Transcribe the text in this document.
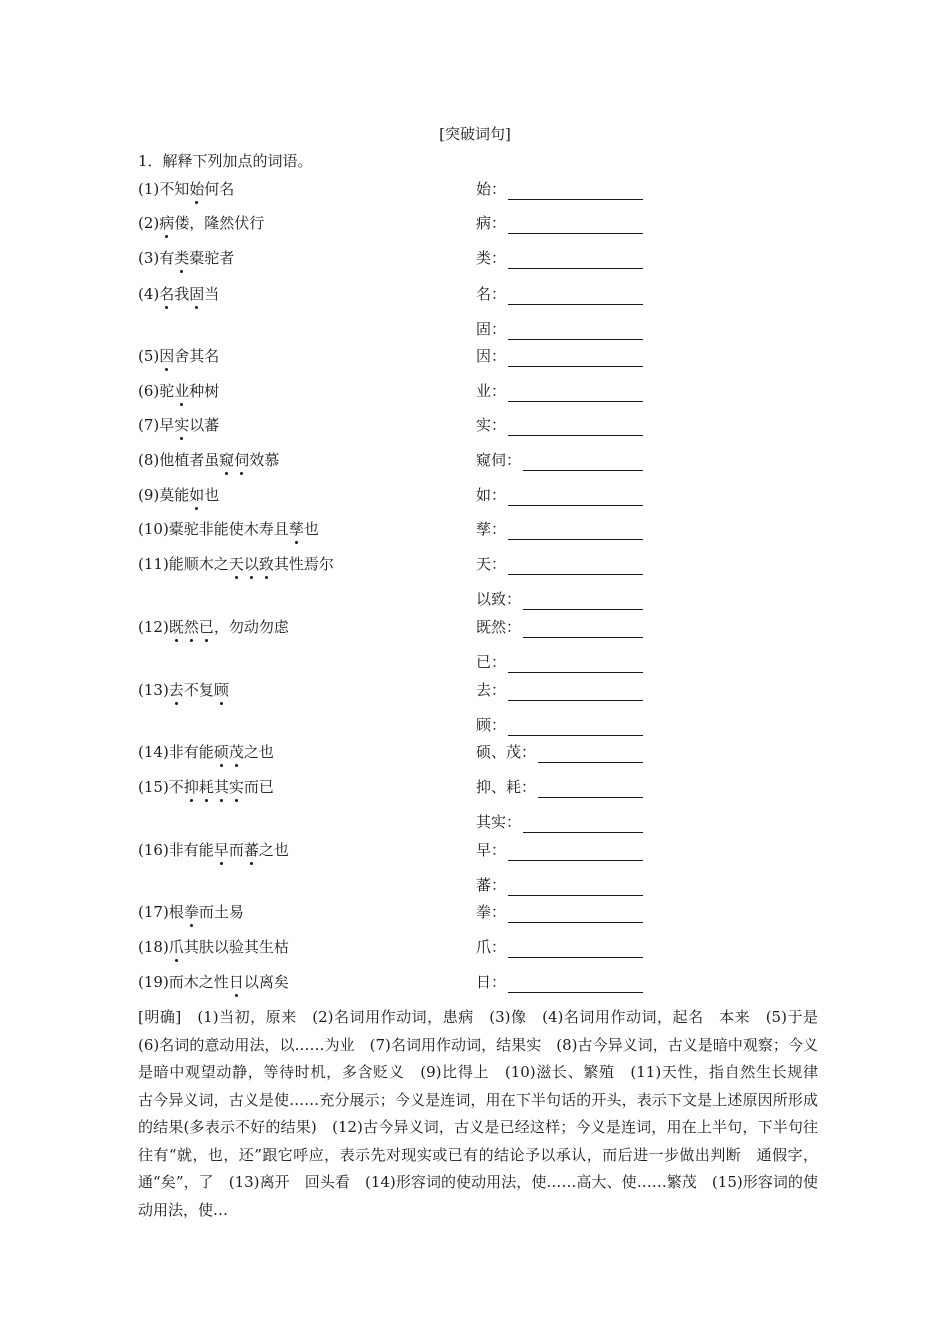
[突破词句]
1．解释下列加点的词语。
(1)不知始何名	始：
(2)病偻，隆然伏行	病：
(3)有类橐驼者	类：
(4)名我固当	名：
固：
(5)因舍其名	因：
(6)驼业种树	业：
(7)早实以蕃	实：
(8)他植者虽窥伺效慕	窥伺：
(9)莫能如也	如：
(10)橐驼非能使木寿且孳也	孳：
(11)能顺木之天以致其性焉尔	天：
以致：
(12)既然已，勿动勿虑	既然：
已：
(13)去不复顾	去：
顾：
(14)非有能硕茂之也	硕、茂：
(15)不抑耗其实而已	抑、耗：
其实：
(16)非有能早而蕃之也	早：
蕃：
(17)根拳而土易	拳：
(18)爪其肤以验其生枯	爪：
(19)而木之性日以离矣	日：
[明确]　(1)当初，原来　(2)名词用作动词，患病　(3)像　(4)名词用作动词，起名　本来　(5)于是　(6)名词的意动用法，以……为业　(7)名词用作动词，结果实　(8)古今异义词，古义是暗中观察；今义是暗中观望动静，等待时机，多含贬义　(9)比得上　(10)滋长、繁殖　(11)天性，指自然生长规律　古今异义词，古义是使……充分展示；今义是连词，用在下半句话的开头，表示下文是上述原因所形成的结果(多表示不好的结果)　(12)古今异义词，古义是已经这样；今义是连词，用在上半句，下半句往往有“就，也，还”跟它呼应，表示先对现实或已有的结论予以承认，而后进一步做出判断　通假字，通“矣”，了　(13)离开　回头看　(14)形容词的使动用法，使……高大、使……繁茂　(15)形容词的使动用法，使…
